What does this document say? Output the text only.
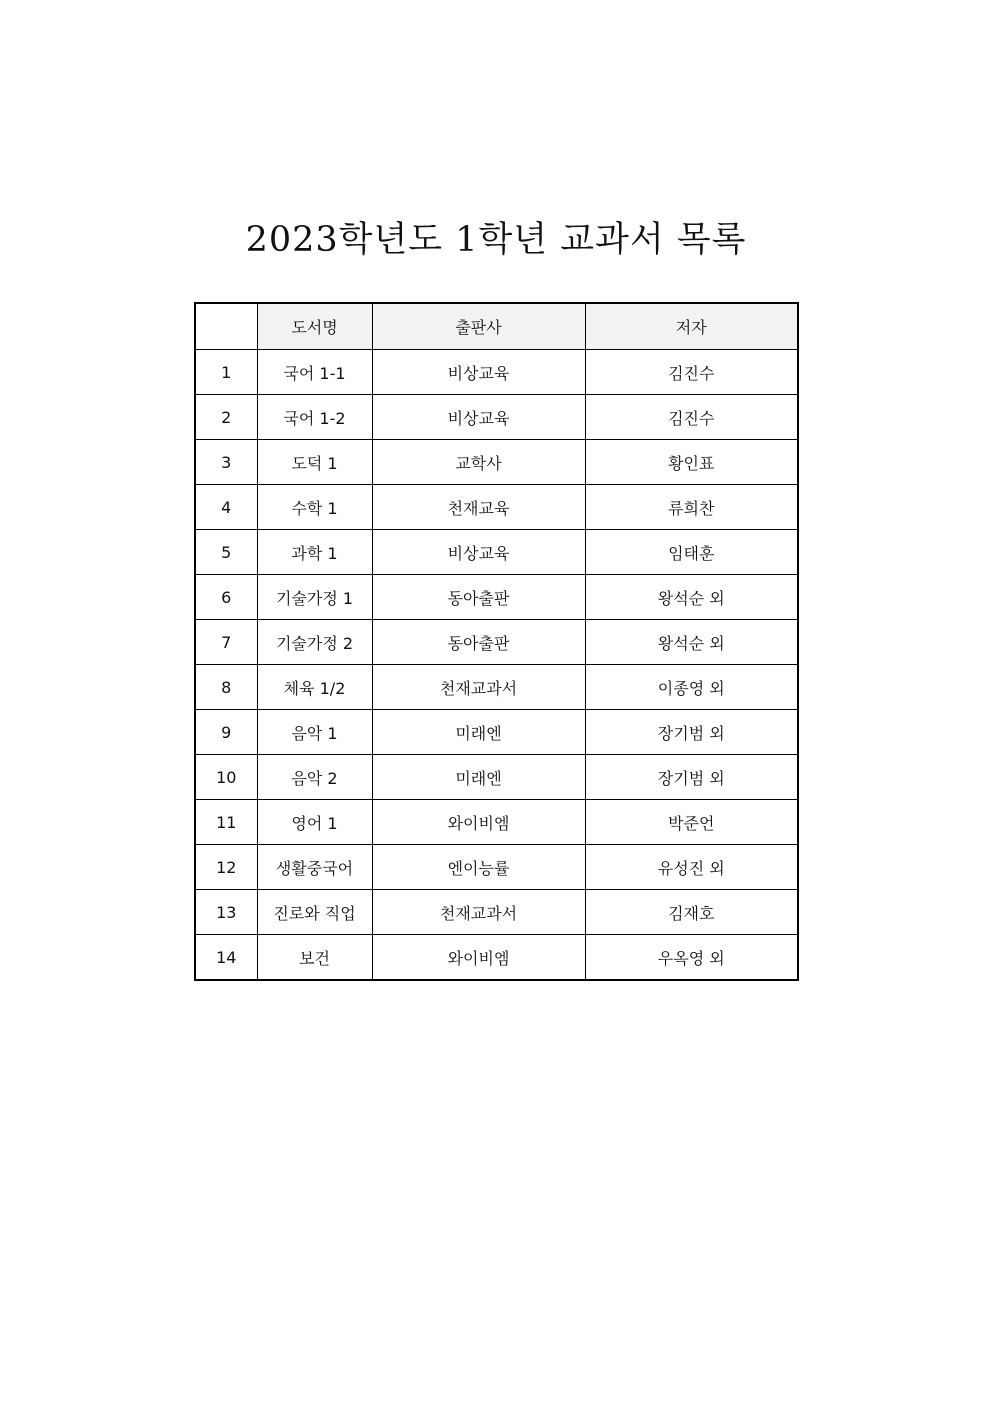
2023학년도 1학년 교과서 목록
	도서명	출판사	저자
1	국어 1-1	비상교육	김진수
2	국어 1-2	비상교육	김진수
3	도덕 1	교학사	황인표
4	수학 1	천재교육	류희찬
5	과학 1	비상교육	임태훈
6	기술가정 1	동아출판	왕석순 외
7	기술가정 2	동아출판	왕석순 외
8	체육 1/2	천재교과서	이종영 외
9	음악 1	미래엔	장기범 외
10	음악 2	미래엔	장기범 외
11	영어 1	와이비엠	박준언
12	생활중국어	엔이능률	유성진 외
13	진로와 직업	천재교과서	김재호
14	보건	와이비엠	우옥영 외
